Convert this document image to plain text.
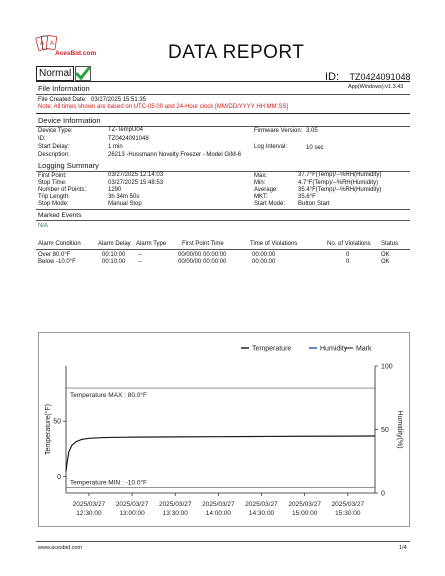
A A
AcesBid.com	DATA REPORT
Normal	ID: TZ0424091048
App(Windows):v1.3.43
File Information
File Created Date: 03/27/2025 15:51:35
Note: All times shown are based on UTC-05:00 and 24-Hour clock [MM/DD/YYYY HH:MM:SS]
Device Information
Device Type:	TZ-TempU04
ID:	TZ0424091048
Start Delay:	1 min
Description:	26213 -Hussmann Novelty Freezer - Model GIM-6
Firmware Version: 3.05
Log Interval:	10 sec
Logging Summary
First Point:	03/27/2025 12:14:03
Stop Time:	03/27/2025 15:48:53
Number of Points:	1290
Trip Length:	3h 34m 50s
Stop Mode:	Manual Stop
Max:	37.7°F(Temp)/--%RH(Humidity)
Min:	4.7°F(Temp)/--%RH(Humidity)
Average:	35.4°F(Temp)/--%RH(Humidity)
MKT:	35.6°F
Start Mode: Button Start
Marked Events
N/A
Alarm Condition	Alarm Delay Alarm Type	First Point Time	Time of Violations	No. of Violations Status
Over 80.0°F	00:10:00 --	00/00/00 00:00:00	00:00:00	0	OK
Below -10.0°F	00:10:00 --	00/00/00 00:00:00	00:00:00	0	OK
0
50
0
50
100
Temperature(°F)	Humidity(%)
2025/03/27
12:30:00
2025/03/27
13:00:00
2025/03/27
13:30:00
2025/03/27
14:00:00
2025/03/27
14:30:00
2025/03/27
15:00:00
2025/03/27
15:30:00
Temperature MAX : 80.0°F
Temperature MIN : -10.0°F
Temperature	Humidity Mark
www.acesbid.com	1/4
